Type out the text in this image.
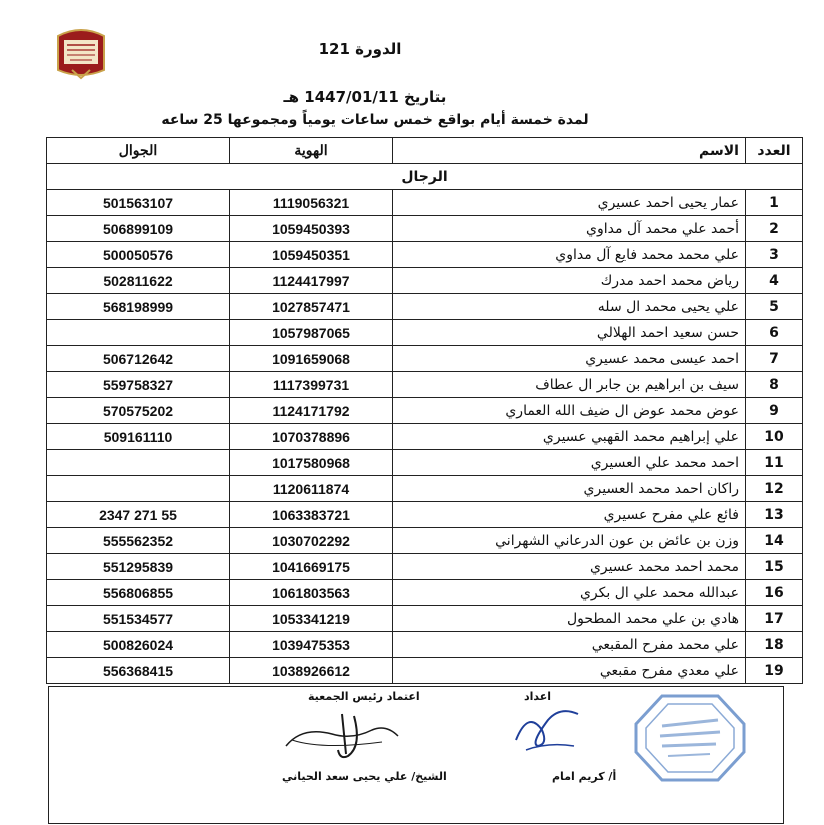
الدورة 121
بتاريخ 1447/01/11 هـ
لمدة خمسة أيام بواقع خمس ساعات يومياً ومجموعها 25 ساعه
العدد	الاسم	الهوية	الجوال
الرجال			
1	عمار يحيى احمد عسيري	1119056321	501563107
2	أحمد علي محمد آل مداوي	1059450393	506899109
3	علي محمد محمد فايع آل مداوي	1059450351	500050576
4	رياض محمد احمد مدرك	1124417997	502811622
5	علي يحيى محمد ال سله	1027857471	568198999
6	حسن سعيد احمد الهلالي	1057987065	
7	احمد عيسى محمد عسيري	1091659068	506712642
8	سيف بن ابراهيم بن جابر ال عطاف	1117399731	559758327
9	عوض محمد عوض ال ضيف الله العماري	1124171792	570575202
10	علي إبراهيم محمد القهبي عسيري	1070378896	509161110
11	احمد محمد علي العسيري	1017580968	
12	راكان احمد محمد العسيري	1120611874	
13	فائع علي مفرح عسيري	1063383721	55 271 2347
14	وزن بن عائض بن عون الدرعاني الشهراني	1030702292	555562352
15	محمد احمد محمد عسيري	1041669175	551295839
16	عبدالله محمد علي ال بكري	1061803563	556806855
17	هادي بن علي محمد المطحول	1053341219	551534577
18	علي محمد مفرح المقبعي	1039475353	500826024
19	علي معدي مفرح مقبعي	1038926612	556368415
اعتماد رئيس الجمعية	اعداد
الشيخ/ علي يحيى سعد الحياني	أ/ كريم امام
